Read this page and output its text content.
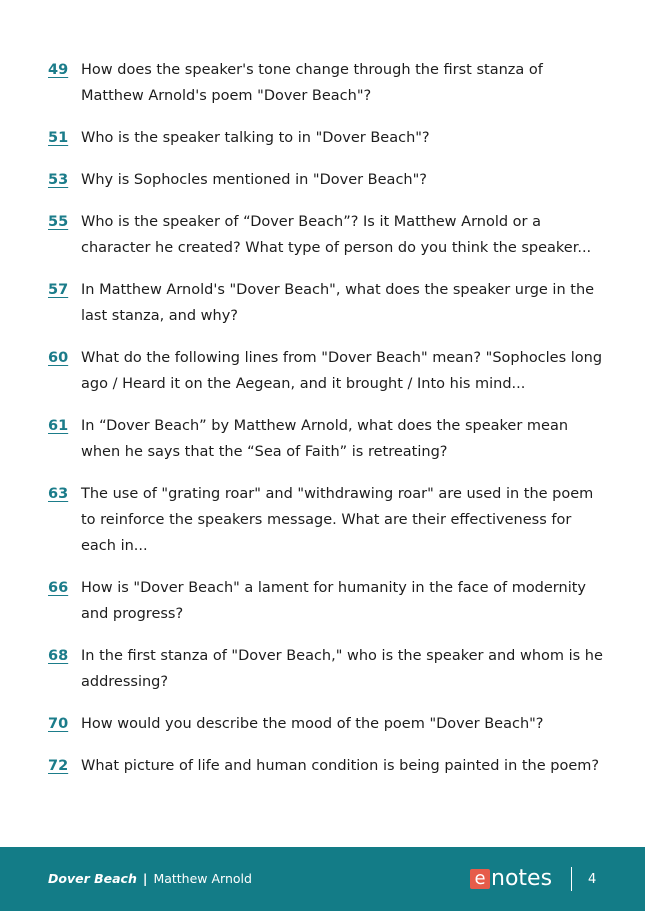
49 How does the speaker's tone change through the first stanza of Matthew Arnold's poem "Dover Beach"?
51 Who is the speaker talking to in "Dover Beach"?
53 Why is Sophocles mentioned in "Dover Beach"?
55 Who is the speaker of “Dover Beach”? Is it Matthew Arnold or a character he created? What type of person do you think the speaker...
57 In Matthew Arnold's "Dover Beach", what does the speaker urge in the last stanza, and why?
60 What do the following lines from "Dover Beach" mean? "Sophocles long ago / Heard it on the Aegean, and it brought / Into his mind...
61 In “Dover Beach” by Matthew Arnold, what does the speaker mean when he says that the “Sea of Faith” is retreating?
63 The use of "grating roar" and "withdrawing roar" are used in the poem to reinforce the speakers message. What are their effectiveness for each in...
66 How is "Dover Beach" a lament for humanity in the face of modernity and progress?
68 In the first stanza of "Dover Beach," who is the speaker and whom is he addressing?
70 How would you describe the mood of the poem "Dover Beach"?
72 What picture of life and human condition is being painted in the poem?
Dover Beach | Matthew Arnold	e notes	4
